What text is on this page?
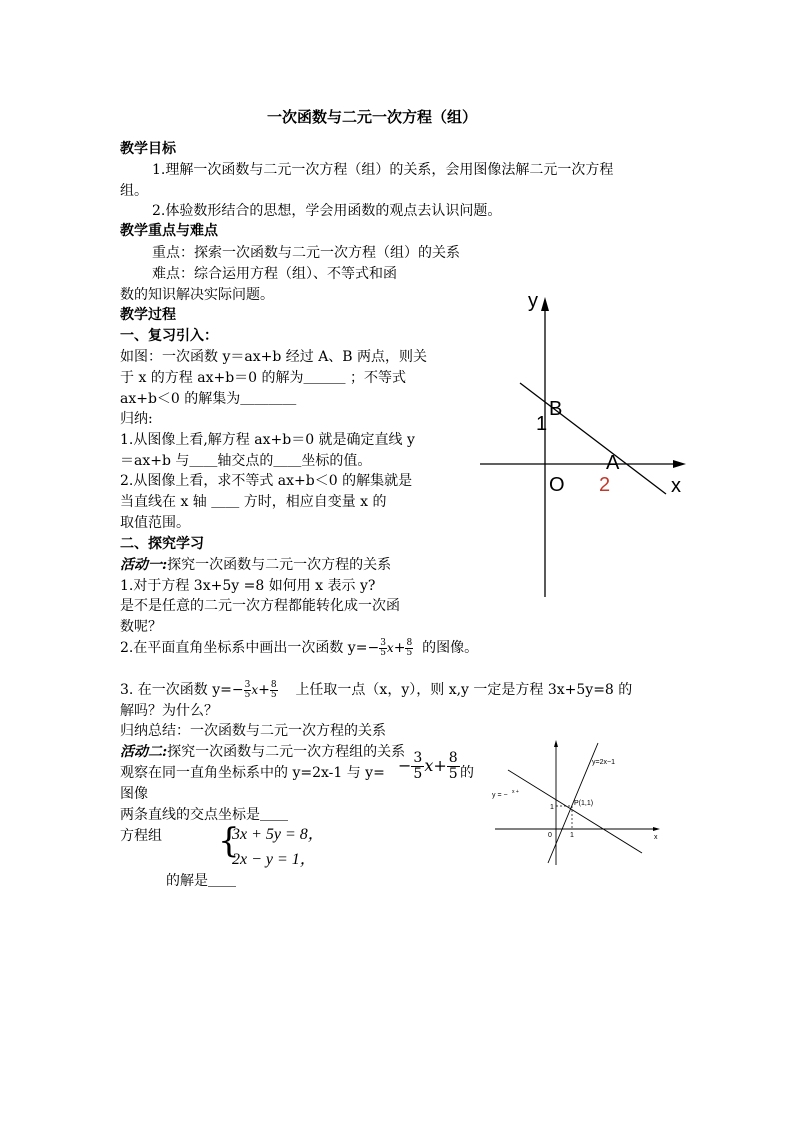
一次函数与二元一次方程（组）
教学目标
1.理解一次函数与二元一次方程（组）的关系，会用图像法解二元一次方程
组。
2.体验数形结合的思想，学会用函数的观点去认识问题。
教学重点与难点
重点：探索一次函数与二元一次方程（组）的关系
难点：综合运用方程（组）、不等式和函
数的知识解决实际问题。
教学过程
一、复习引入：
如图：一次函数 y＝ax+b 经过 A、B 两点，则关
于 x 的方程 ax+b＝0 的解为＿＿＿ ；不等式
ax+b＜0 的解集为＿＿＿＿
归纳:
1.从图像上看,解方程 ax+b＝0 就是确定直线 y
＝ax+b 与＿＿轴交点的＿＿坐标的值。
2.从图像上看，求不等式 ax+b＜0 的解集就是
当直线在 x 轴 ＿＿ 方时，相应自变量 x 的
取值范围。
y
x
O
B
A
1
2
二、探究学习
活动一:探究一次函数与二元一次方程的关系
1.对于方程 3x+5y =8 如何用 x 表示 y?
是不是任意的二元一次方程都能转化成一次函
数呢？
2.在平面直角坐标系中画出一次函数 $y=- \frac{3}{5} x+ \frac{8}{5}$ 的图像。
3. 在一次函数 $y=- \frac{3}{5} x+ \frac{8}{5}$ 上任取一点（x，y），则 x,y 一定是方程 3x+5y=8 的
解吗？为什么？
归纳总结：一次函数与二元一次方程的关系
活动二:探究一次函数与二元一次方程组的关系
观察在同一直角坐标系中的 y=2x-1 与 y=	的
− $\frac{3}{5} x+ \frac{8}{5}$
图像
两条直线的交点坐标是＿＿
方程组 {
3x + 5y = 8，
2x − y = 1，
的解是＿＿
y=2x−1
y = − x +
P(1,1)
1
1
0	x
